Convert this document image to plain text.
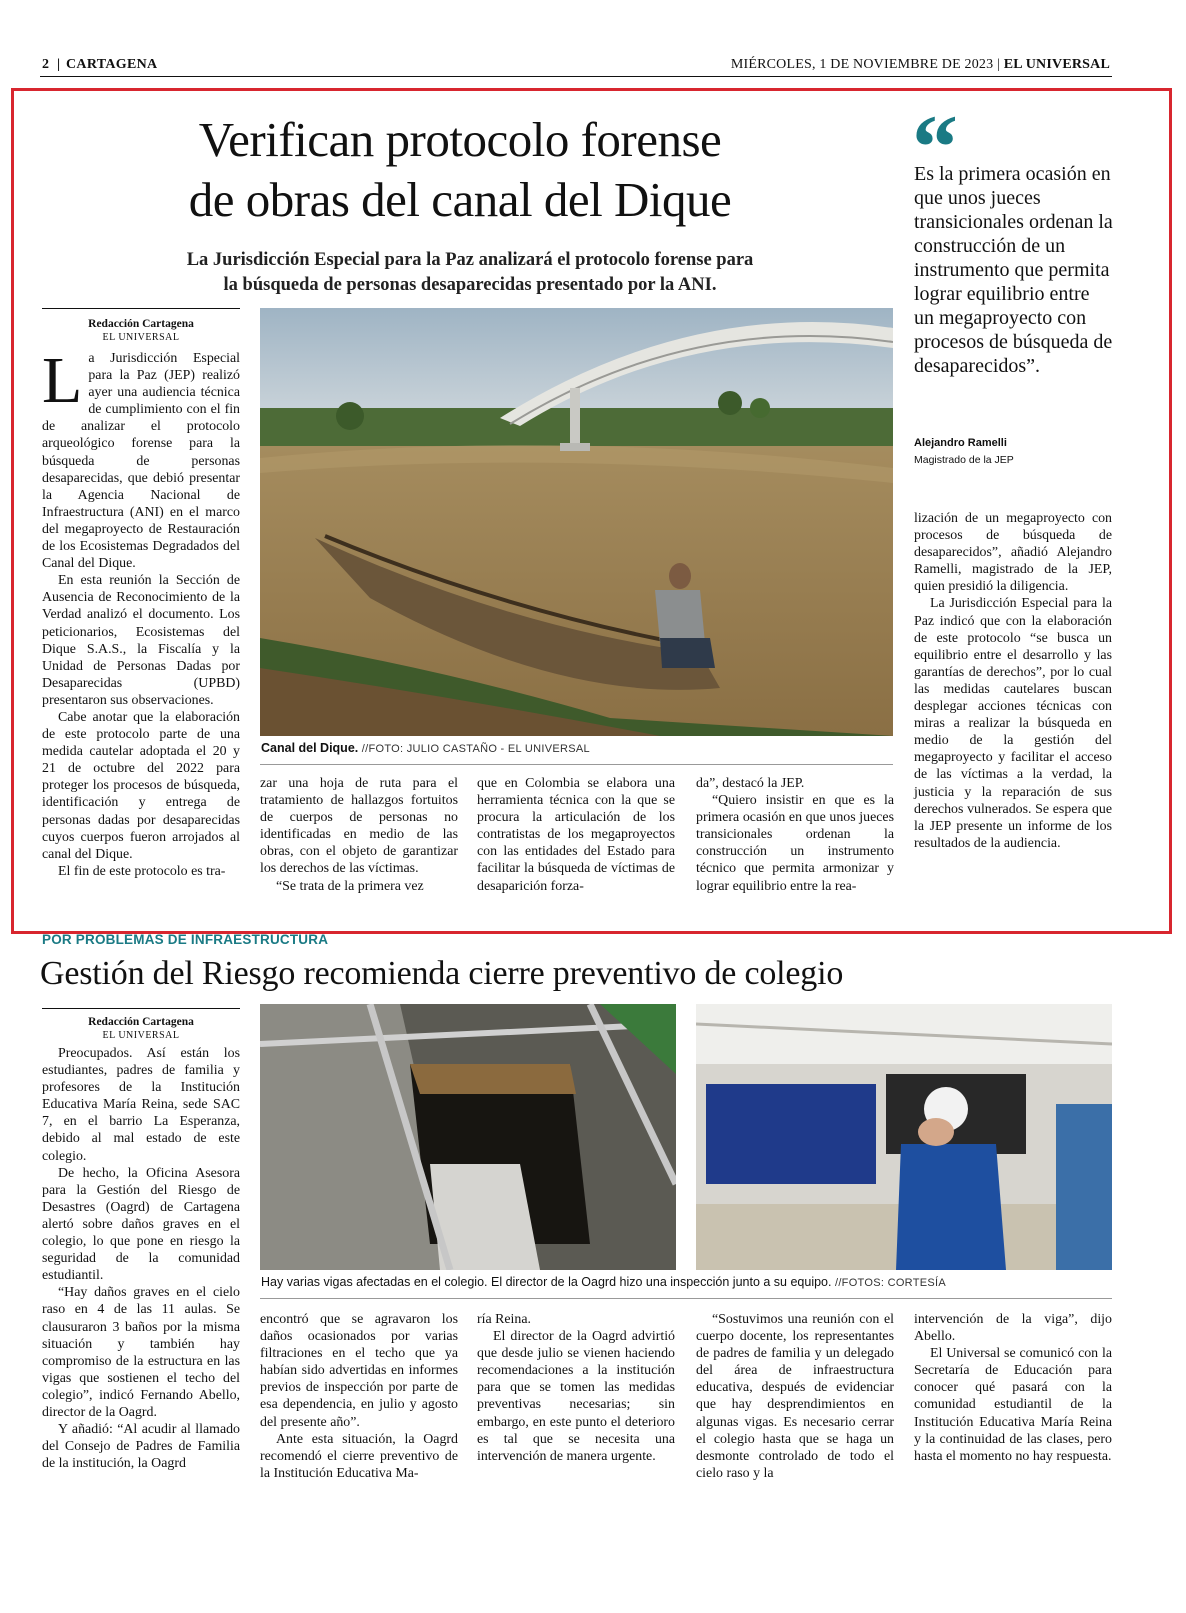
2 | CARTAGENA	MIÉRCOLES, 1 DE NOVIEMBRE DE 2023 | EL UNIVERSAL
Verifican protocolo forense
de obras del canal del Dique
La Jurisdicción Especial para la Paz analizará el protocolo forense para
la búsqueda de personas desaparecidas presentado por la ANI.
Redacción Cartagena
EL UNIVERSAL

La Jurisdicción Especial para la Paz (JEP) realizó ayer una audiencia técnica de cumplimiento con el fin de analizar el protocolo arqueológico forense para la búsqueda de personas desaparecidas, que debió presentar la Agencia Nacional de Infraestructura (ANI) en el marco del megaproyecto de Restauración de los Ecosistemas Degradados del Canal del Dique.

En esta reunión la Sección de Ausencia de Reconocimiento de la Verdad analizó el documento. Los peticionarios, Ecosistemas del Dique S.A.S., la Fiscalía y la Unidad de Personas Dadas por Desaparecidas (UPBD) presentaron sus observaciones.

Cabe anotar que la elaboración de este protocolo parte de una medida cautelar adoptada el 20 y 21 de octubre del 2022 para proteger los procesos de búsqueda, identificación y entrega de personas dadas por desaparecidas cuyos cuerpos fueron arrojados al canal del Dique.

El fin de este protocolo es tra-

Canal del Dique. //FOTO: JULIO CASTAÑO - EL UNIVERSAL

zar una hoja de ruta para el tratamiento de hallazgos fortuitos de cuerpos de personas no identificadas en medio de las obras, con el objeto de garantizar los derechos de las víctimas.

“Se trata de la primera vez

que en Colombia se elabora una herramienta técnica con la que se procura la articulación de los contratistas de los megaproyectos con las entidades del Estado para facilitar la búsqueda de víctimas de desaparición forza-

da”, destacó la JEP.

“Quiero insistir en que es la primera ocasión en que unos jueces transicionales ordenan la construcción un instrumento técnico que permita armonizar y lograr equilibrio entre la rea-

“
Es la primera ocasión en que unos jueces transicionales ordenan la construcción de un instrumento que permita lograr equilibrio entre un megaproyecto con procesos de búsqueda de desaparecidos”.
Alejandro Ramelli
Magistrado de la JEP

lización de un megaproyecto con procesos de búsqueda de desaparecidos”, añadió Alejandro Ramelli, magistrado de la JEP, quien presidió la diligencia.

La Jurisdicción Especial para la Paz indicó que con la elaboración de este protocolo “se busca un equilibrio entre el desarrollo y las garantías de derechos”, por lo cual las medidas cautelares buscan desplegar acciones técnicas con miras a realizar la búsqueda en medio de la gestión del megaproyecto y facilitar el acceso de las víctimas a la verdad, la justicia y la reparación de sus derechos vulnerados. Se espera que la JEP presente un informe de los resultados de la audiencia.

POR PROBLEMAS DE INFRAESTRUCTURA
Gestión del Riesgo recomienda cierre preventivo de colegio
Redacción Cartagena
EL UNIVERSAL

Preocupados. Así están los estudiantes, padres de familia y profesores de la Institución Educativa María Reina, sede SAC 7, en el barrio La Esperanza, debido al mal estado de este colegio.

De hecho, la Oficina Asesora para la Gestión del Riesgo de Desastres (Oagrd) de Cartagena alertó sobre daños graves en el colegio, lo que pone en riesgo la seguridad de la comunidad estudiantil.

“Hay daños graves en el cielo raso en 4 de las 11 aulas. Se clausuraron 3 baños por la misma situación y también hay compromiso de la estructura en las vigas que sostienen el techo del colegio”, indicó Fernando Abello, director de la Oagrd.

Y añadió: “Al acudir al llamado del Consejo de Padres de Familia de la institución, la Oagrd

Hay varias vigas afectadas en el colegio. El director de la Oagrd hizo una inspección junto a su equipo. //FOTOS: CORTESÍA

encontró que se agravaron los daños ocasionados por varias filtraciones en el techo que ya habían sido advertidas en informes previos de inspección por parte de esa dependencia, en julio y agosto del presente año”.

Ante esta situación, la Oagrd recomendó el cierre preventivo de la Institución Educativa Ma-

ría Reina.

El director de la Oagrd advirtió que desde julio se vienen haciendo recomendaciones a la institución para que se tomen las medidas preventivas necesarias; sin embargo, en este punto el deterioro es tal que se necesita una intervención de manera urgente.

“Sostuvimos una reunión con el cuerpo docente, los representantes de padres de familia y un delegado del área de infraestructura educativa, después de evidenciar que hay desprendimientos en algunas vigas. Es necesario cerrar el colegio hasta que se haga un desmonte controlado de todo el cielo raso y la

intervención de la viga”, dijo Abello.

El Universal se comunicó con la Secretaría de Educación para conocer qué pasará con la comunidad estudiantil de la Institución Educativa María Reina y la continuidad de las clases, pero hasta el momento no hay respuesta.
